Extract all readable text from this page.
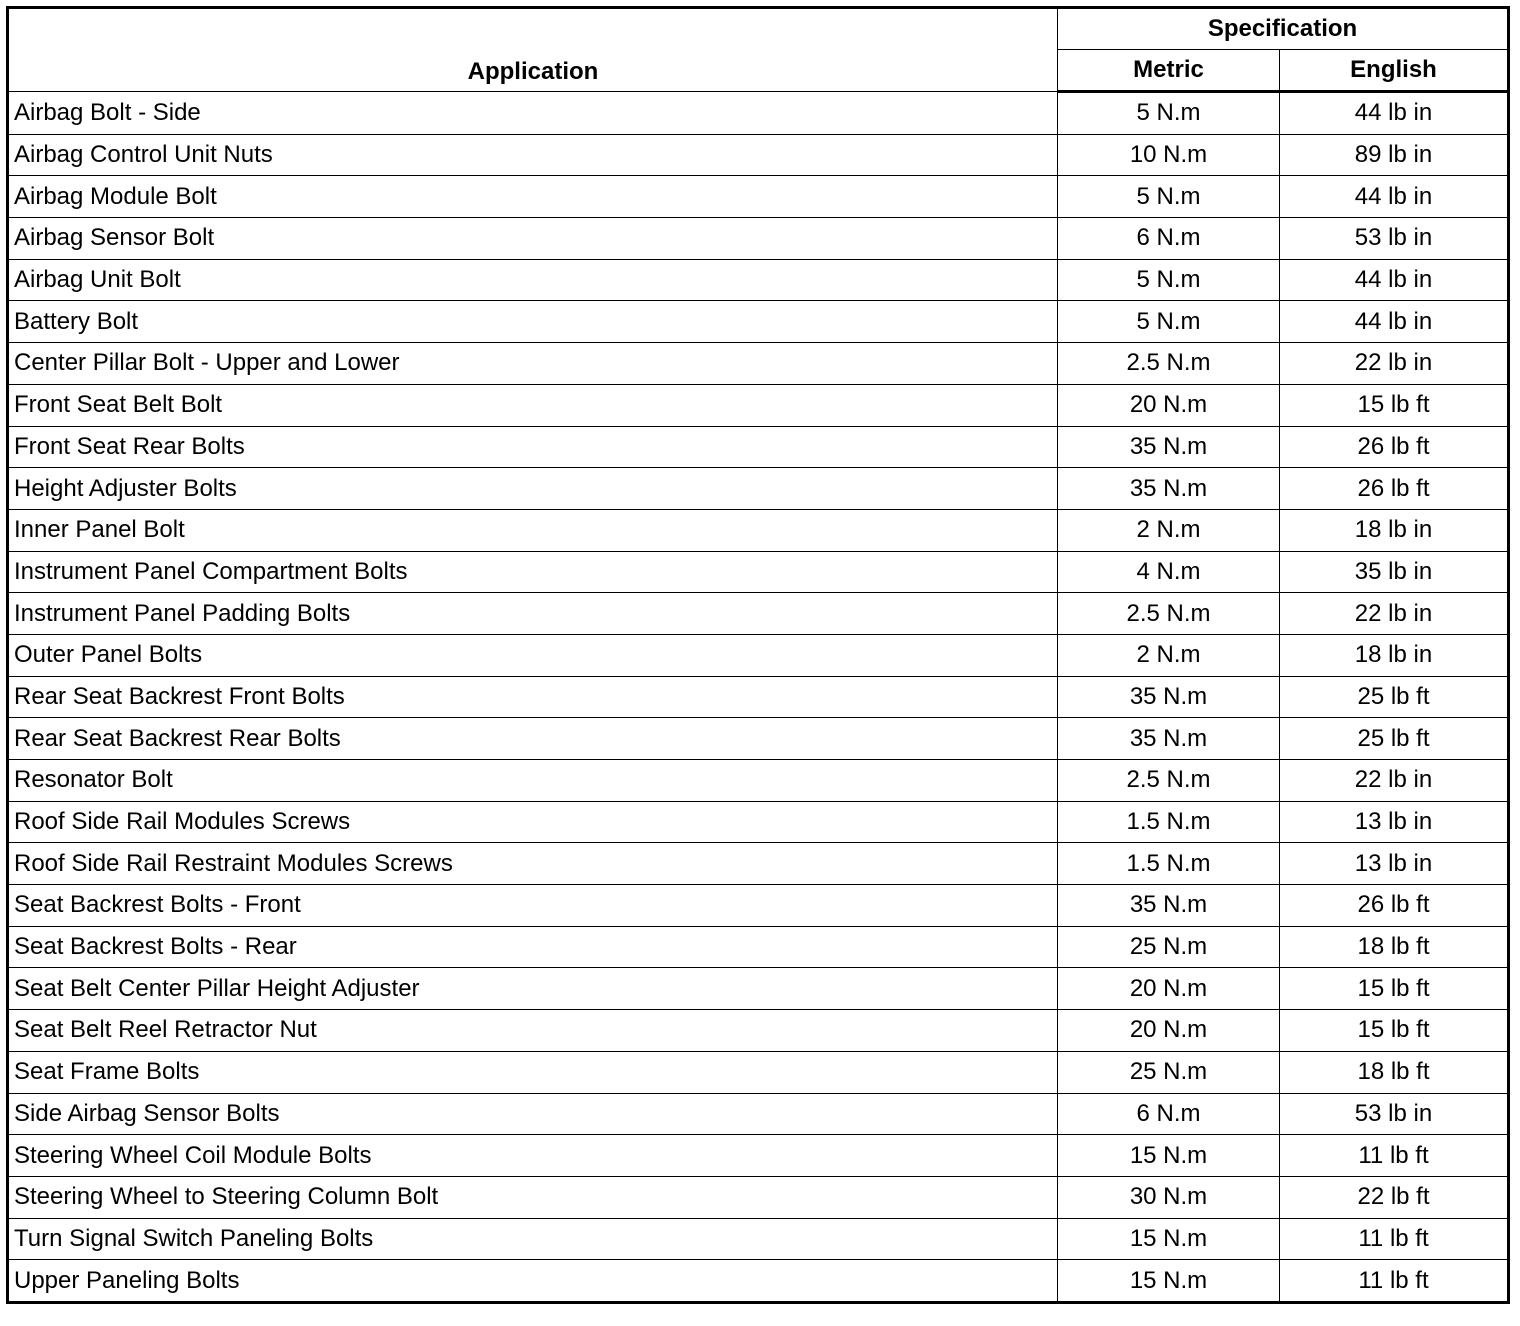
Application	Specification	
	Metric	English
Airbag Bolt - Side	5 N.m	44 lb in
Airbag Control Unit Nuts	10 N.m	89 lb in
Airbag Module Bolt	5 N.m	44 lb in
Airbag Sensor Bolt	6 N.m	53 lb in
Airbag Unit Bolt	5 N.m	44 lb in
Battery Bolt	5 N.m	44 lb in
Center Pillar Bolt - Upper and Lower	2.5 N.m	22 lb in
Front Seat Belt Bolt	20 N.m	15 lb ft
Front Seat Rear Bolts	35 N.m	26 lb ft
Height Adjuster Bolts	35 N.m	26 lb ft
Inner Panel Bolt	2 N.m	18 lb in
Instrument Panel Compartment Bolts	4 N.m	35 lb in
Instrument Panel Padding Bolts	2.5 N.m	22 lb in
Outer Panel Bolts	2 N.m	18 lb in
Rear Seat Backrest Front Bolts	35 N.m	25 lb ft
Rear Seat Backrest Rear Bolts	35 N.m	25 lb ft
Resonator Bolt	2.5 N.m	22 lb in
Roof Side Rail Modules Screws	1.5 N.m	13 lb in
Roof Side Rail Restraint Modules Screws	1.5 N.m	13 lb in
Seat Backrest Bolts - Front	35 N.m	26 lb ft
Seat Backrest Bolts - Rear	25 N.m	18 lb ft
Seat Belt Center Pillar Height Adjuster	20 N.m	15 lb ft
Seat Belt Reel Retractor Nut	20 N.m	15 lb ft
Seat Frame Bolts	25 N.m	18 lb ft
Side Airbag Sensor Bolts	6 N.m	53 lb in
Steering Wheel Coil Module Bolts	15 N.m	11 lb ft
Steering Wheel to Steering Column Bolt	30 N.m	22 lb ft
Turn Signal Switch Paneling Bolts	15 N.m	11 lb ft
Upper Paneling Bolts	15 N.m	11 lb ft
